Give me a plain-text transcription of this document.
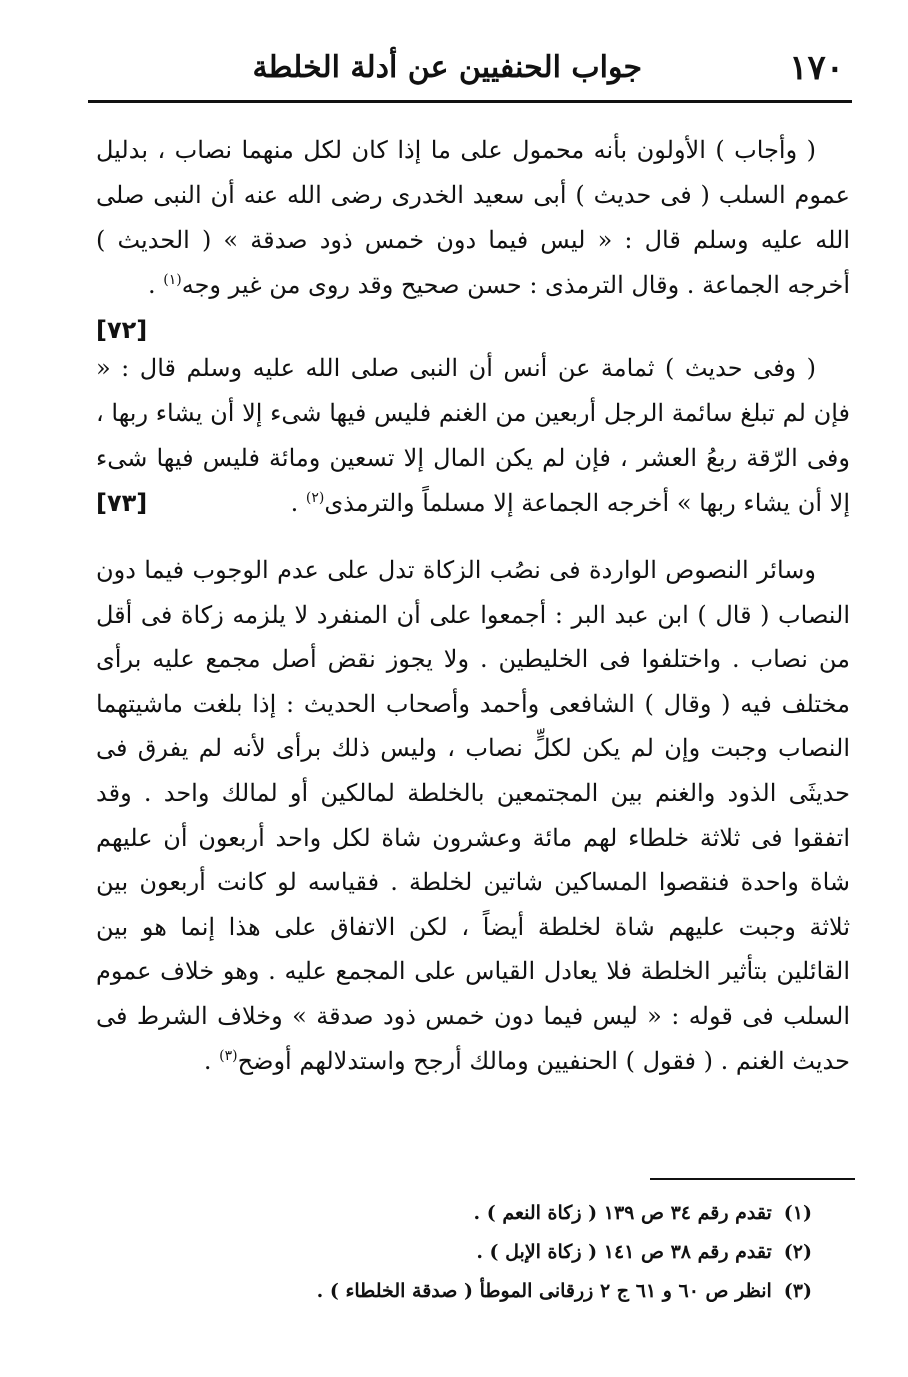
١٧٠
جواب الحنفيين عن أدلة الخلطة
( وأجاب ) الأولون بأنه محمول على ما إذا كان لكل منهما نصاب ، بدليل عموم السلب ( فى حديث ) أبى سعيد الخدرى رضى الله عنه أن النبى صلى الله عليه وسلم قال : « ليس فيما دون خمس ذود صدقة » ( الحديث ) أخرجه الجماعة . وقال الترمذى : حسن صحيح وقد روى من غير وجه$^{(١)}$ .
[٧٢]
( وفى حديث ) ثمامة عن أنس أن النبى صلى الله عليه وسلم قال : « فإن لم تبلغ سائمة الرجل أربعين من الغنم فليس فيها شىء إلا أن يشاء ربها ، وفى الرّقة ربعُ العشر ، فإن لم يكن المال إلا تسعين ومائة فليس فيها شىء إلا أن يشاء ربها » أخرجه الجماعة إلا مسلماً والترمذى$^{(٢)}$ .
[٧٣]
وسائر النصوص الواردة فى نصُب الزكاة تدل على عدم الوجوب فيما دون النصاب ( قال ) ابن عبد البر : أجمعوا على أن المنفرد لا يلزمه زكاة فى أقل من نصاب . واختلفوا فى الخليطين . ولا يجوز نقض أصل مجمع عليه برأى مختلف فيه ( وقال ) الشافعى وأحمد وأصحاب الحديث : إذا بلغت ماشيتهما النصاب وجبت وإن لم يكن لكلٍّ نصاب ، وليس ذلك برأى لأنه لم يفرق فى حديثَى الذود والغنم بين المجتمعين بالخلطة لمالكين أو لمالك واحد . وقد اتفقوا فى ثلاثة خلطاء لهم مائة وعشرون شاة لكل واحد أربعون أن عليهم شاة واحدة فنقصوا المساكين شاتين لخلطة . فقياسه لو كانت أربعون بين ثلاثة وجبت عليهم شاة لخلطة أيضاً ، لكن الاتفاق على هذا إنما هو بين القائلين بتأثير الخلطة فلا يعادل القياس على المجمع عليه . وهو خلاف عموم السلب فى قوله : « ليس فيما دون خمس ذود صدقة » وخلاف الشرط فى حديث الغنم . ( فقول ) الحنفيين ومالك أرجح واستدلالهم أوضح$^{(٣)}$ .
(١)تقدم رقم ٣٤ ص ١٣٩ ( زكاة النعم ) .
(٢)تقدم رقم ٣٨ ص ١٤١ ( زكاة الإبل ) .
(٣)انظر ص ٦٠ و ٦١ ج ٢ زرقانى الموطأ ( صدقة الخلطاء ) .
